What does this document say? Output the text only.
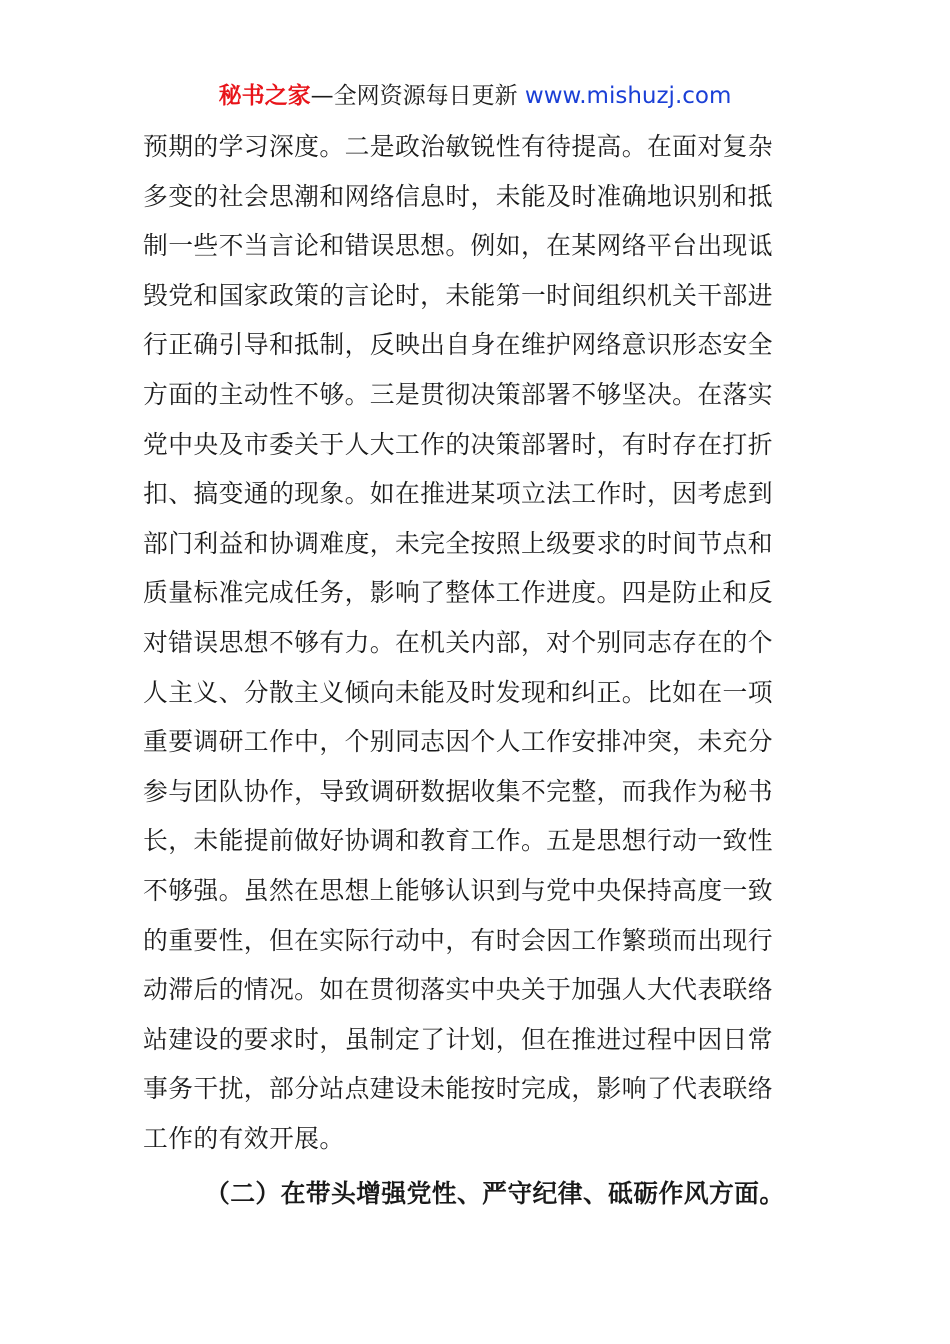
秘书之家—全网资源每日更新 www.mishuzj.com
预期的学习深度。二是政治敏锐性有待提高。在面对复杂
多变的社会思潮和网络信息时，未能及时准确地识别和抵
制一些不当言论和错误思想。例如，在某网络平台出现诋
毁党和国家政策的言论时，未能第一时间组织机关干部进
行正确引导和抵制，反映出自身在维护网络意识形态安全
方面的主动性不够。三是贯彻决策部署不够坚决。在落实
党中央及市委关于人大工作的决策部署时，有时存在打折
扣、搞变通的现象。如在推进某项立法工作时，因考虑到
部门利益和协调难度，未完全按照上级要求的时间节点和
质量标准完成任务，影响了整体工作进度。四是防止和反
对错误思想不够有力。在机关内部，对个别同志存在的个
人主义、分散主义倾向未能及时发现和纠正。比如在一项
重要调研工作中，个别同志因个人工作安排冲突，未充分
参与团队协作，导致调研数据收集不完整，而我作为秘书
长，未能提前做好协调和教育工作。五是思想行动一致性
不够强。虽然在思想上能够认识到与党中央保持高度一致
的重要性，但在实际行动中，有时会因工作繁琐而出现行
动滞后的情况。如在贯彻落实中央关于加强人大代表联络
站建设的要求时，虽制定了计划，但在推进过程中因日常
事务干扰，部分站点建设未能按时完成，影响了代表联络
工作的有效开展。
（二）在带头增强党性、严守纪律、砥砺作风方面。
